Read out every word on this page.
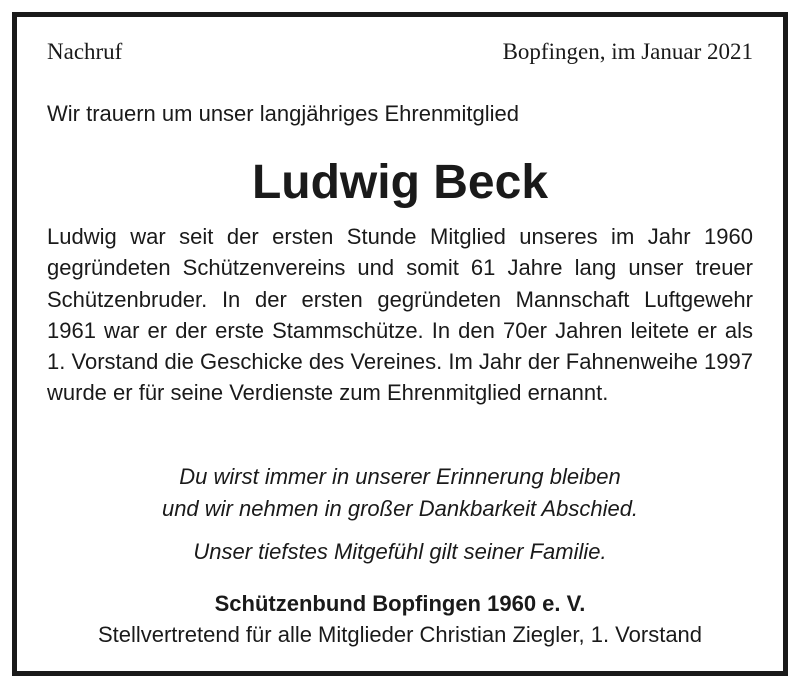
Nachruf	Bopfingen, im Januar 2021
Wir trauern um unser langjähriges Ehrenmitglied
Ludwig Beck
Ludwig war seit der ersten Stunde Mitglied unseres im Jahr 1960 gegründeten Schützenvereins und somit 61 Jahre lang unser treuer Schützenbruder. In der ersten gegründeten Mannschaft Luftgewehr 1961 war er der erste Stammschütze. In den 70er Jahren leitete er als 1. Vorstand die Geschicke des Vereines. Im Jahr der Fahnenweihe 1997 wurde er für seine Verdienste zum Ehrenmitglied ernannt.
Du wirst immer in unserer Erinnerung bleiben
und wir nehmen in großer Dankbarkeit Abschied.
Unser tiefstes Mitgefühl gilt seiner Familie.
Schützenbund Bopfingen 1960 e. V.
Stellvertretend für alle Mitglieder Christian Ziegler, 1. Vorstand
